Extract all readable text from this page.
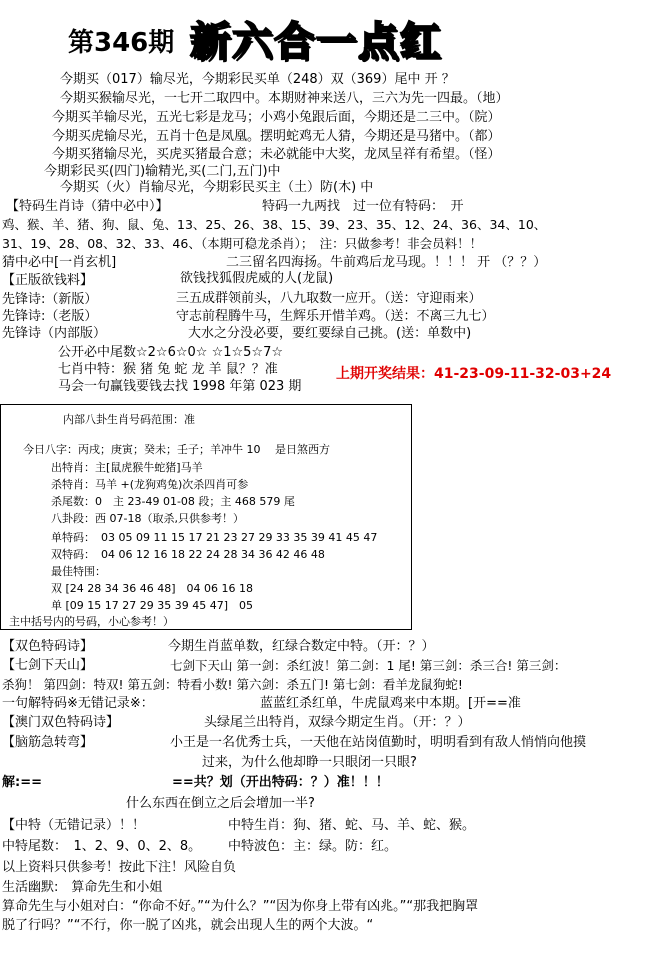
第346期 新六合一点红
今期买（017）输尽光，今期彩民买单（248）双（369）尾中 开 ？
今期买猴输尽光，一七开二取四中。本期财神来送八，三六为先一四最。（地）
今期买羊输尽光，五光七彩是龙马；小鸡小兔跟后面，今期还是二三中。（院）
今期买虎输尽光，五肖十色是凤凰。摆明蛇鸡无人猜，今期还是马猪中。（都）
今期买猪输尽光，买虎买猪最合意；未必就能中大奖，龙凤呈祥有希望。（怪）
今期彩民买(四门)输精光,买(二门,五门)中
今期买（火）肖输尽光，今期彩民买主（土）防(木) 中
【特码生肖诗（猜中必中）】	特码一九两找　过一位有特码：　开
鸡、猴、羊、猪、狗、鼠、兔、13、25、26、38、15、39、23、35、12、24、36、34、10、
31、19、28、08、32、33、46、（本期可稳龙杀肖）；　注：只做参考！非会员料！！
猜中必中[一肖玄机]	二三留名四海扬。牛前鸡后龙马现。！！！ 开 （？？）
【正版欲钱料】	欲钱找狐假虎威的人(龙鼠)
先锋诗:（新版）	三五成群领前头，八九取数一应开。（送：守迎雨来）
先锋诗:（老版）	守志前程腾牛马，生辉乐开惜羊鸡。（送：不离三九七）
先锋诗（内部版）	大水之分没必要，要红要绿自己挑。(送：单数中)
公开必中尾数☆2☆6☆0☆ ☆1☆5☆7☆
七肖中特：猴 猪 兔 蛇 龙 羊 鼠？？准
马会一句赢钱要钱去找 1998 年第 023 期
上期开奖结果：41-23-09-11-32-03+24
内部八卦生肖号码范围：准
今日八字：丙戌；庚寅；癸未；壬子；羊冲牛 10　 是日煞西方
出特肖：主[鼠虎猴牛蛇猪]马羊
杀特肖：马羊 +(龙狗鸡兔)次杀四肖可参
杀尾数：0　主 23-49 01-08 段；主 468 579 尾
八卦段：西 07-18（取杀,只供参考！）
单特码： 03 05 09 11 15 17 21 23 27 29 33 35 39 41 45 47
双特码： 04 06 12 16 18 22 24 28 34 36 42 46 48
最佳特围：
双 [24 28 34 36 46 48]　04 06 16 18
单 [09 15 17 27 29 35 39 45 47]　05
主中括号内的号码，小心参考！）
【双色特码诗】	今期生肖蓝单数，红绿合数定中特。（开：？）
【七剑下天山】	七剑下天山 第一剑：杀红波！第二剑：1 尾! 第三剑：杀三合! 第三剑：
杀狗！ 第四剑：特双! 第五剑：特看小数! 第六剑：杀五门! 第七剑：看羊龙鼠狗蛇!
一句解特码※无错记录※：	蓝蓝红杀红单，牛虎鼠鸡来中本期。[开==准
【澳门双色特码诗】	头绿尾兰出特肖，双绿今期定生肖。（开：？）
【脑筋急转弯】	小王是一名优秀士兵，一天他在站岗值勤时，明明看到有敌人悄悄向他摸
过来，为什么他却睁一只眼闭一只眼?
解:==	==共？划（开出特码：？）准！！！
什么东西在倒立之后会增加一半?
【中特（无错记录）！！	中特生肖：狗、猪、蛇、马、羊、蛇、猴。
中特尾数：　1、2、9、0、2、8。 中特波色：主：绿。防：红。
以上资料只供参考！按此下注！风险自负
生活幽默:　算命先生和小姐
算命先生与小姐对白：“你命不好。”“为什么？”“因为你身上带有凶兆。”“那我把胸罩
脱了行吗？”“不行，你一脱了凶兆，就会出现人生的两个大波。“
